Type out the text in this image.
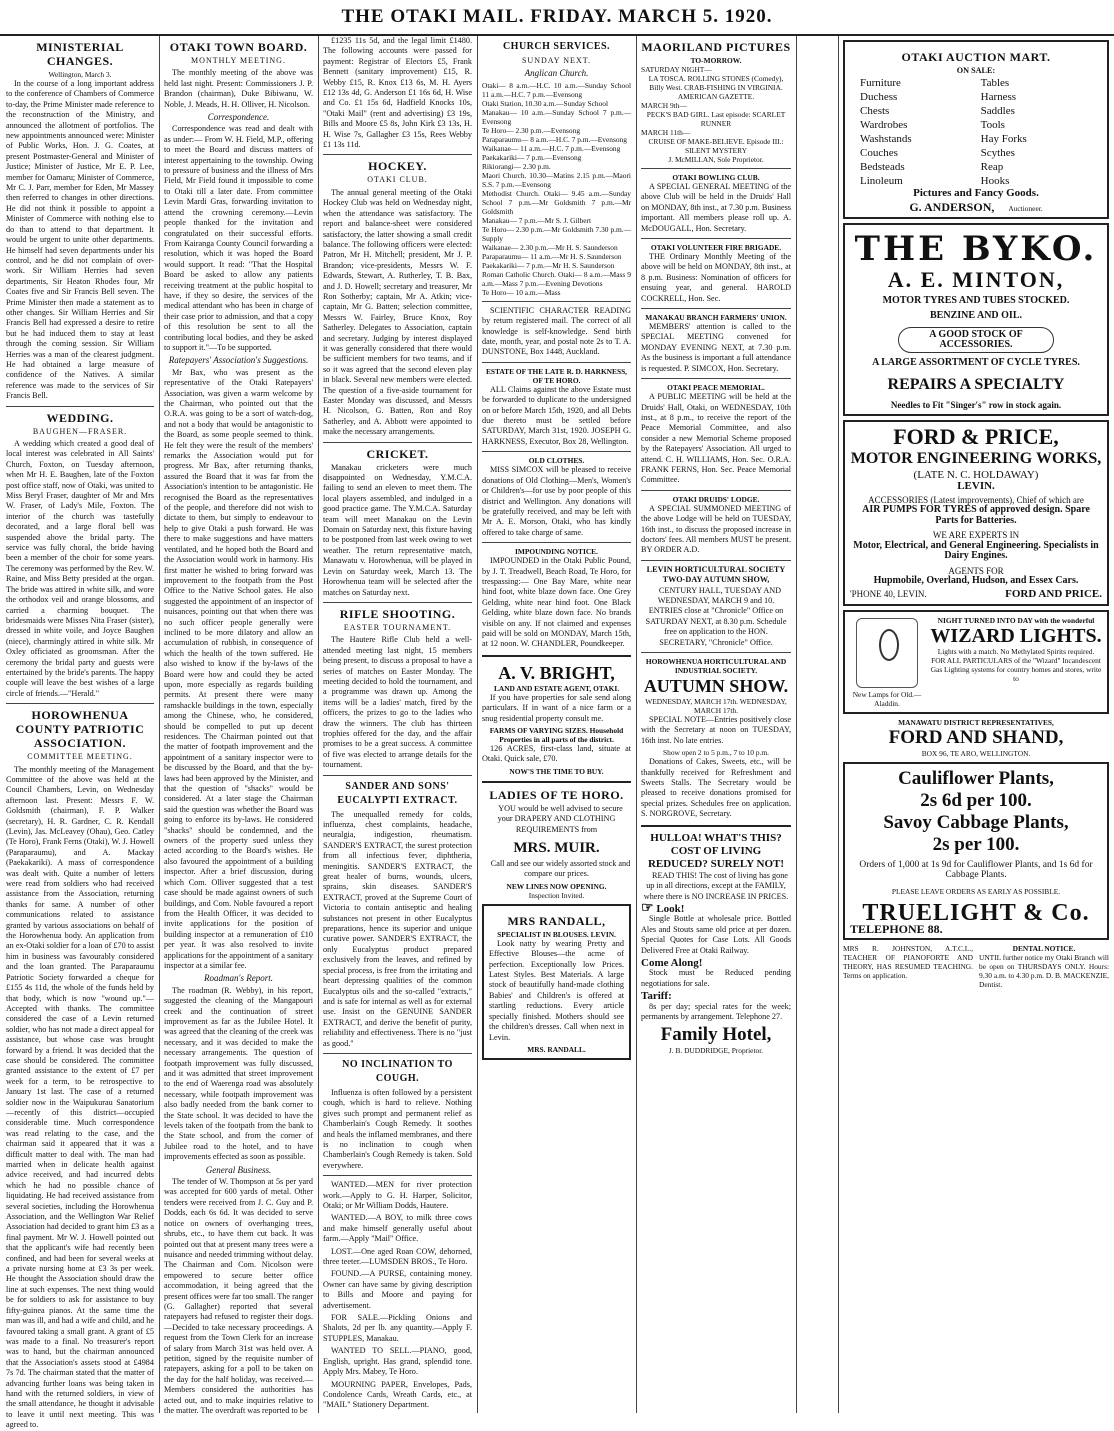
THE OTAKI MAIL. FRIDAY. MARCH 5. 1920.
MINISTERIAL CHANGES.
Wellington, March 3.

In the course of a long important address to the conference of Chambers of Commerce to-day, the Prime Minister made reference to the reconstruction of the Ministry, and announced the allotment of portfolios. The new appointments announced were: Minister of Public Works, Hon. J. G. Coates, at present Postmaster-General and Minister of Justice; Minister of Justice, Mr E. P. Lee, member for Oamaru; Minister of Commerce, Mr C. J. Parr, member for Eden, Mr Massey then referred to changes in other directions. He did not think it possible to appoint a Minister of Commerce with nothing else to do than to attend to that department. It would be urgent to unite other departments. He himself had seven departments under his control, and he did not complain of over-work. Sir William Herries had seven departments, Sir Heaton Rhodes four, Mr Coates five and Sir Francis Bell seven. The Prime Minister then made a statement as to other changes. Sir William Herries and Sir Francis Bell had expressed a desire to retire but he had induced them to stay at least through the coming session. Sir William Herries was a man of the clearest judgment. He had obtained a large measure of confidence of the Natives. A similar reference was made to the services of Sir Francis Bell.

WEDDING.
BAUGHEN—FRASER.

A wedding which created a good deal of local interest was celebrated in All Saints' Church, Foxton, on Tuesday afternoon, when Mr H. E. Baughen, late of the Foxton post office staff, now of Otaki, was united to Miss Beryl Fraser, daughter of Mr and Mrs W. Fraser, of Lady's Mile, Foxton. The interior of the church was tastefully decorated, and a large floral bell was suspended above the bridal party. The service was fully choral, the bride having been a member of the choir for some years. The ceremony was performed by the Rev. W. Raine, and Miss Betty presided at the organ. The bride was attired in white silk, and wore the orthodox veil and orange blossoms, and carried a charming bouquet. The bridesmaids were Misses Nita Fraser (sister), dressed in white voile, and Joyce Baughen (niece), charmingly attired in white silk. Mr Oxley officiated as groomsman. After the ceremony the bridal party and guests were entertained by the bride's parents. The happy couple will leave the best wishes of a large circle of friends.—"Herald."

HOROWHENUA COUNTY PATRIOTIC ASSOCIATION.
COMMITTEE MEETING.

The monthly meeting of the Management Committee of the above was held at the Council Chambers, Levin, on Wednesday afternoon last. Present: Messrs F. W. Goldsmith (chairman), F. P. Walker (secretary), H. R. Gardner, C. R. Kendall (Levin), Jas. McLeavey (Ohau), Geo. Catley (Te Horo), Frank Ferns (Otaki), W. J. Howell (Paraparaumu), and A. Mackay (Paekakariki). A mass of correspondence was dealt with. Quite a number of letters were read from soldiers who had received assistance from the Association, returning thanks for same. A number of other communications related to assistance granted by various associations on behalf of the Horowhenua body. An application from an ex-Otaki soldier for a loan of £70 to assist him in business was favourably considered and the loan granted. The Paraparaumu Patriotic Society forwarded a cheque for £155 4s 11d, the whole of the funds held by that body, which is now "wound up."—Accepted with thanks. The committee considered the case of a Levin returned soldier, who has not made a direct appeal for assistance, but whose case was brought forward by a friend. It was decided that the case should be considered. The committee granted assistance to the extent of £7 per week for a term, to be retrospective to January 1st last. The case of a returned soldier now in the Waipukurau Sanatorium—recently of this district—occupied considerable time. Much correspondence was read relating to the case, and the chairman said it appeared that it was a difficult matter to deal with. The man had married when in delicate health against advice received, and had incurred debts which he had no possible chance of liquidating. He had received assistance from several societies, including the Horowhenua Association, and the Wellington War Relief Association had decided to grant him £3 as a final payment. Mr W. J. Howell pointed out that the applicant's wife had recently been confined, and had been for several weeks at a private nursing home at £3 3s per week. He thought the Association should draw the line at such expenses. The next thing would be for soldiers to ask for assistance to buy fifty-guinea pianos. At the same time the man was ill, and had a wife and child, and he favoured taking a small grant. A grant of £5 was made to a final. No treasurer's report was to hand, but the chairman announced that the Association's assets stood at £4984 7s 7d. The chairman stated that the matter of advancing further loans was being taken in hand with the returned soldiers, in view of the small attendance, he thought it advisable to leave it until next meeting. This was agreed to.

OTAKI TOWN BOARD.
MONTHLY MEETING.

The monthly meeting of the above was held last night. Present: Commissioners J. P. Brandon (chairman), Duke Bibiwanu, W. Noble, J. Meads, H. H. Olliver, H. Nicolson.

Correspondence.

Correspondence was read and dealt with as under:— From W. H. Field, M.P., offering to meet the Board and discuss matters of interest appertaining to the township. Owing to pressure of business and the illness of Mrs Field, Mr Field found it impossible to come to Otaki till a later date. From committee Levin Mardi Gras, forwarding invitation to attend the crowning ceremony.—Levin people thanked for the invitation and congratulated on their successful efforts. From Kairanga County Council forwarding a resolution, which it was hoped the Board would support. It read: "That the Hospital Board be asked to allow any patients receiving treatment at the public hospital to have, if they so desire, the services of the medical attendant who has been in charge of their case prior to admission, and that a copy of this resolution be sent to all the contributing local bodies, and they be asked to support it."—To be supported.

Ratepayers' Association's Suggestions.

Mr Bax, who was present as the representative of the Otaki Ratepayers' Association, was given a warm welcome by the Chairman, who pointed out that the O.R.A. was going to be a sort of watch-dog, and not a body that would be antagonistic to the Board, as some people seemed to think. He felt they were the result of the members' remarks the Association would put for progress. Mr Bax, after returning thanks, assured the Board that it was far from the Association's intention to be antagonistic. He recognised the Board as the representatives of the people, and therefore did not wish to dictate to them, but simply to endeavour to help to give Otaki a push forward. He was there to make suggestions and have matters ventilated, and he hoped both the Board and the Association would work in harmony. His first matter he wished to bring forward was improvement to the footpath from the Post Office to the Native School gates. He also suggested the appointment of an inspector of nuisances, pointing out that when there was no such officer people generally were inclined to be more dilatory and allow an accumulation of rubbish, in consequence of which the health of the town suffered. He also wished to know if the by-laws of the Board were how and could they be acted upon, more especially as regards building permits. At present there were many ramshackle buildings in the town, especially among the Chinese, who, he considered, should be compelled to put up decent residences. The Chairman pointed out that the matter of footpath improvement and the appointment of a sanitary inspector were to be discussed by the Board, and that the by-laws had been approved by the Minister, and that the question of "shacks" would be considered. At a later stage the Chairman said the question was whether the Board was going to enforce its by-laws. He considered "shacks" should be condemned, and the owners of the property sued unless they acted according to the Board's wishes. He also favoured the appointment of a building inspector. After a brief discussion, during which Com. Olliver suggested that a test case should be made against owners of such buildings, and Com. Noble favoured a report from the Health Officer, it was decided to invite applications for the position of building inspector at a remuneration of £10 per year. It was also resolved to invite applications for the appointment of a sanitary inspector at a similar fee.

Roadman's Report.

The roadman (R. Webby), in his report, suggested the cleaning of the Mangapouri creek and the continuation of street improvement as far as the Jubilee Hotel. It was agreed that the cleaning of the creek was necessary, and it was decided to make the necessary arrangements. The question of footpath improvement was fully discussed, and it was admitted that street improvement to the end of Waerenga road was absolutely necessary, while footpath improvement was also badly needed from the bank corner to the State school. It was decided to have the levels taken of the footpath from the bank to the State school, and from the corner of Jubilee road to the hotel, and to have improvements effected as soon as possible.

General Business.

The tender of W. Thompson at 5s per yard was accepted for 600 yards of metal. Other tenders were received from J. C. Guy and P. Dodds, each 6s 6d. It was decided to serve notice on owners of overhanging trees, shrubs, etc., to have them cut back. It was pointed out that at present many trees were a nuisance and needed trimming without delay. The Chairman and Com. Nicolson were empowered to secure better office accommodation, it being agreed that the present offices were far too small. The ranger (G. Gallagher) reported that several ratepayers had refused to register their dogs.—Decided to take necessary proceedings. A request from the Town Clerk for an increase of salary from March 31st was held over. A petition, signed by the requisite number of ratepayers, asking for a poll to be taken on the day for the half holiday, was received.—Members considered the authorities has acted out, and to make inquiries relative to the matter. The overdraft was reported to be

£1235 11s 5d, and the legal limit £1480. The following accounts were passed for payment: Registrar of Electors £5, Frank Bennett (sanitary improvement) £15, R. Webby £15, R. Knox £13 6s, M. H. Ayers £12 13s 4d, G. Anderson £1 16s 6d, H. Wise and Co. £1 15s 6d, Hadfield Knocks 10s, "Otaki Mail" (rent and advertising) £3 19s, Bills and Moore £5 8s, John Kirk £3 13s, H. H. Wise 7s, Gallagher £3 15s, Rees Webby £1 13s 11d.

HOCKEY.
OTAKI CLUB.

The annual general meeting of the Otaki Hockey Club was held on Wednesday night, when the attendance was satisfactory. The report and balance-sheet were considered satisfactory, the latter showing a small credit balance. The following officers were elected: Patron, Mr H. Mitchell; president, Mr J. P. Brandon; vice-presidents, Messrs W. F. Edwards, Stewart, A. Rutherley, T. B. Bax, and J. D. Howell; secretary and treasurer, Mr Ron Sotherby; captain, Mr A. Atkin; vice-captain, Mr G. Batten; selection committee, Messrs W. Fairley, Bruce Knox, Roy Satherley. Delegates to Association, captain and secretary. Judging by interest displayed it was generally considered that there would be sufficient members for two teams, and if so it was agreed that the second eleven play in black. Several new members were elected. The question of a five-aside tournament for Easter Monday was discussed, and Messrs H. Nicolson, G. Batten, Ron and Roy Satherley, and A. Abbott were appointed to make the necessary arrangements.

CRICKET.

Manakau cricketers were much disappointed on Wednesday, Y.M.C.A. failing to send an eleven to meet them. The local players assembled, and indulged in a good practice game. The Y.M.C.A. Saturday team will meet Manakau on the Levin Domain on Saturday next, this fixture having to be postponed from last week owing to wet weather. The return representative match, Manawatu v. Horowhenua, will be played in Levin on Saturday week, March 13. The Horowhenua team will be selected after the matches on Saturday next.

RIFLE SHOOTING.
EASTER TOURNAMENT.

The Hautere Rifle Club held a well-attended meeting last night, 15 members being present, to discuss a proposal to have a series of matches on Easter Monday. The meeting decided to hold the tournament, and a programme was drawn up. Among the items will be a ladies' match, fired by the officers, the prizes to go to the ladies who draw the winners. The club has thirteen trophies offered for the day, and the affair promises to be a great success. A committee of five was elected to arrange details for the tournament.

SANDER AND SONS' EUCALYPTI EXTRACT.

The unequalled remedy for colds, influenza, chest complaints, headache, neuralgia, indigestion, rheumatism. SANDER'S EXTRACT, the surest protection from all infectious fever, diphtheria, meningitis. SANDER'S EXTRACT, the great healer of burns, wounds, ulcers, sprains, skin diseases. SANDER'S EXTRACT, proved at the Supreme Court of Victoria to contain antiseptic and healing substances not present in other Eucalyptus preparations, hence its superior and unique curative power. SANDER'S EXTRACT, the only Eucalyptus product prepared exclusively from the leaves, and refined by special process, is free from the irritating and heart depressing qualities of the common Eucalyptus oils and the so-called "extracts," and is safe for internal as well as for external use. Insist on the GENUINE SANDER EXTRACT, and derive the benefit of purity, reliability and effectiveness. There is no "just as good."

NO INCLINATION TO COUGH.

Influenza is often followed by a persistent cough, which is hard to relieve. Nothing gives such prompt and permanent relief as Chamberlain's Cough Remedy. It soothes and heals the inflamed membranes, and there is no inclination to cough when Chamberlain's Cough Remedy is taken. Sold everywhere.

WANTED.—MEN for river protection work.—Apply to G. H. Harper, Solicitor, Otaki; or Mr William Dodds, Hautere.

WANTED.—A BOY, to milk three cows and make himself generally useful about farm.—Apply "Mail" Office.

LOST.—One aged Roan COW, dehorned, three teeter.—LUMSDEN BROS., Te Horo.

FOUND.—A PURSE, containing money. Owner can have same by giving description to Bills and Moore and paying for advertisement.

FOR SALE.—Pickling Onions and Shalots, 2d per lb. any quantity.—Apply F. STUPPLES, Manakau.

WANTED TO SELL.—PIANO, good, English, upright. Has grand, splendid tone. Apply Mrs. Mabey, Te Horo.

MOURNING PAPER, Envelopes, Pads, Condolence Cards, Wreath Cards, etc., at "MAIL" Stationery Department.

CHURCH SERVICES.
SUNDAY NEXT.
Anglican Church.
Otaki— 8 a.m.—H.C. 10 a.m.—Sunday School 11 a.m.—H.C. 7 p.m.—Evensong
Otaki Station, 10.30 a.m.—Sunday School
Manakau— 10 a.m.—Sunday School 7 p.m.—Evensong
Te Horo— 2.30 p.m.—Evensong
Paraparaumu— 8 a.m.—H.C. 7 p.m.—Evensong
Waikanae— 11 a.m.—H.C. 7 p.m.—Evensong
Paekakariki— 7 p.m.—Evensong
Rikiorangi— 2.30 p.m.
Maori Church. 10.30—Matins 2.15 p.m.—Maori S.S. 7 p.m.—Evensong
Methodist Church. Otaki— 9.45 a.m.—Sunday School 7 p.m.—Mr Goldsmith 7 p.m.—Mr Goldsmith
Manakau— 7 p.m.—Mr S. J. Gilbert
Te Horo— 2.30 p.m.—Mr Goldsmith 7.30 p.m.—Supply
Waikanae— 2.30 p.m.—Mr H. S. Saunderson
Paraparaumu— 11 a.m.—Mr H. S. Saunderson
Paekakariki— 7 p.m.—Mr H. S. Saunderson
Roman Catholic Church. Otaki— 8 a.m.—Mass 9 a.m.—Mass 7 p.m.—Evening Devotions
Te Horo— 10 a.m.—Mass

SCIENTIFIC CHARACTER READING by return registered mail. The correct of all knowledge is self-knowledge. Send birth date, month, year, and postal note 2s to T. A. DUNSTONE, Box 1448, Auckland.

ESTATE OF THE LATE R. D. HARKNESS, OF TE HORO.

ALL Claims against the above Estate must be forwarded to duplicate to the undersigned on or before March 15th, 1920, and all Debts due thereto must be settled before SATURDAY, March 31st, 1920. JOSEPH G. HARKNESS, Executor, Box 28, Wellington.

OLD CLOTHES.

MISS SIMCOX will be pleased to receive donations of Old Clothing—Men's, Women's or Children's—for use by poor people of this district and Wellington. Any donations will be gratefully received, and may be left with Mr A. E. Morson, Otaki, who has kindly offered to take charge of same.

IMPOUNDING NOTICE.

IMPOUNDED in the Otaki Public Pound, by J. T. Treadwell, Beach Road, Te Horo, for trespassing:— One Bay Mare, white near hind foot, white blaze down face. One Grey Gelding, white near hind foot. One Black Gelding, white blaze down face. No brands visible on any. If not claimed and expenses paid will be sold on MONDAY, March 15th, at 12 noon. W. CHANDLER, Poundkeeper.

A. V. BRIGHT,
LAND AND ESTATE AGENT, OTAKI.

If you have properties for sale send along particulars. If in want of a nice farm or a snug residential property consult me.

FARMS OF VARYING SIZES. Household Properties in all parts of the district.

126 ACRES, first-class land, situate at Otaki. Quick sale, £70.

NOW'S THE TIME TO BUY.
LADIES OF TE HORO.

YOU would be well advised to secure your DRAPERY AND CLOTHING REQUIREMENTS from

MRS. MUIR.

Call and see our widely assorted stock and compare our prices.

NEW LINES NOW OPENING.
Inspection Invited.
MRS RANDALL,
SPECIALIST IN BLOUSES. LEVIN.

Look natty by wearing Pretty and Effective Blouses—the acme of perfection. Exceptionally low Prices. Latest Styles. Best Materials. A large stock of beautifully hand-made clothing Babies' and Children's is offered at startling reductions. Every article specially finished. Mothers should see the children's dresses. Call when next in Levin.

MRS. RANDALL.
MAORILAND PICTURES
TO-MORROW.
SATURDAY NIGHT—
LA TOSCA. ROLLING STONES (Comedy), Billy West. CRAB-FISHING IN VIRGINIA. AMERICAN GAZETTE.
MARCH 9th—
PECK'S BAD GIRL. Last episode: SCARLET RUNNER
MARCH 11th—
CRUISE OF MAKE-BELIEVE. Episode III.: SILENT MYSTERY
J. McMILLAN, Sole Proprietor.
OTAKI BOWLING CLUB.

A SPECIAL GENERAL MEETING of the above Club will be held in the Druids' Hall on MONDAY, 8th inst., at 7.30 p.m. Business important. All members please roll up. A. McDOUGALL, Hon. Secretary.

OTAKI VOLUNTEER FIRE BRIGADE.

THE Ordinary Monthly Meeting of the above will be held on MONDAY, 8th inst., at 8 p.m. Business: Nomination of officers for ensuing year, and general. HAROLD COCKRELL, Hon. Sec.

MANAKAU BRANCH FARMERS' UNION.

MEMBERS' attention is called to the SPECIAL MEETING convened for MONDAY EVENING NEXT, at 7.30 p.m. As the business is important a full attendance is requested. P. SIMCOX, Hon. Secretary.

OTAKI PEACE MEMORIAL.

A PUBLIC MEETING will be held at the Druids' Hall, Otaki, on WEDNESDAY, 10th inst., at 8 p.m., to receive the report of the Peace Memorial Committee, and also consider a new Memorial Scheme proposed by the Ratepayers' Association. All urged to attend. C. H. WILLIAMS, Hon. Sec. O.R.A. FRANK FERNS, Hon. Sec. Peace Memorial Committee.

OTAKI DRUIDS' LODGE.

A SPECIAL SUMMONED MEETING of the above Lodge will be held on TUESDAY, 16th inst., to discuss the proposed increase in doctors' fees. All members MUST be present. BY ORDER A.D.

LEVIN HORTICULTURAL SOCIETY TWO-DAY AUTUMN SHOW,

CENTURY HALL, TUESDAY AND WEDNESDAY, MARCH 9 and 10. ENTRIES close at "Chronicle" Office on SATURDAY NEXT, at 8.30 p.m. Schedule free on application to the HON. SECRETARY, "Chronicle" Office.

HOROWHENUA HORTICULTURAL AND INDUSTRIAL SOCIETY.
AUTUMN SHOW.
WEDNESDAY, MARCH 17th. WEDNESDAY, MARCH 17th.

SPECIAL NOTE—Entries positively close with the Secretary at noon on TUESDAY, 16th inst. No late entries.

Show open 2 to 5 p.m., 7 to 10 p.m.

Donations of Cakes, Sweets, etc., will be thankfully received for Refreshment and Sweets Stalls. The Secretary would be pleased to receive donations promised for special prizes. Schedules free on application. S. NORGROVE, Secretary.

HULLOA! WHAT'S THIS? COST OF LIVING REDUCED? SURELY NOT!

READ THIS! The cost of living has gone up in all directions, except at the FAMILY, where there is NO INCREASE IN PRICES.

☞ Look!

Single Bottle at wholesale price. Bottled Ales and Stouts same old price at per dozen. Special Quotes for Case Lots. All Goods Delivered Free at Otaki Railway.

Come Along!

Stock must be Reduced pending negotiations for sale.

Tariff:

8s per day; special rates for the week; permanents by arrangement. Telephone 27.

Family Hotel,
J. B. DUDDRIDGE, Proprietor.
OTAKI AUCTION MART.
ON SALE:
Furniture
Duchess Chests
Wardrobes
Washstands
Couches
Bedsteads
Linoleum
Tables
Harness
Saddles
Tools
Hay Forks
Scythes
Reap Hooks
Pictures and Fancy Goods.
G. ANDERSON, Auctioneer.
THE BYKO.
A. E. MINTON,
MOTOR TYRES AND TUBES STOCKED.
BENZINE AND OIL.
A GOOD STOCK OF ACCESSORIES.
A LARGE ASSORTMENT OF CYCLE TYRES.
REPAIRS A SPECIALTY
Needles to Fit "Singer's" row in stock again.
FORD & PRICE,
MOTOR ENGINEERING WORKS,
(LATE N. C. HOLDAWAY)
LEVIN.
ACCESSORIES (Latest improvements), Chief of which are
AIR PUMPS FOR TYRES of approved design. Spare Parts for Batteries.
WE ARE EXPERTS IN
Motor, Electrical, and General Engineering. Specialists in Dairy Engines.
AGENTS FOR
Hupmobile, Overland, Hudson, and Essex Cars.
'PHONE 40, LEVIN.	FORD AND PRICE.
New Lamps for Old.—Aladdin.
NIGHT TURNED INTO DAY with the wonderful
WIZARD LIGHTS.
Lights with a match. No Methylated Spirits required.
FOR ALL PARTICULARS of the "Wizard" Incandescent Gas Lighting systems for country homes and stores, write to
MANAWATU DISTRICT REPRESENTATIVES,
FORD AND SHAND,
BOX 96, TE ARO, WELLINGTON.
Cauliflower Plants,
2s 6d per 100.
Savoy Cabbage Plants,
2s per 100.
Orders of 1,000 at 1s 9d for Cauliflower Plants, and 1s 6d for Cabbage Plants.
PLEASE LEAVE ORDERS AS EARLY AS POSSIBLE.
TRUELIGHT & Co.
TELEPHONE 88.
MRS R. JOHNSTON, A.T.C.L., TEACHER OF PIANOFORTE AND THEORY, HAS RESUMED TEACHING. Terms on application.
DENTAL NOTICE.
UNTIL further notice my Otaki Branch will be open on THURSDAYS ONLY. Hours: 9.30 a.m. to 4.30 p.m. D. B. MACKENZIE, Dentist.
